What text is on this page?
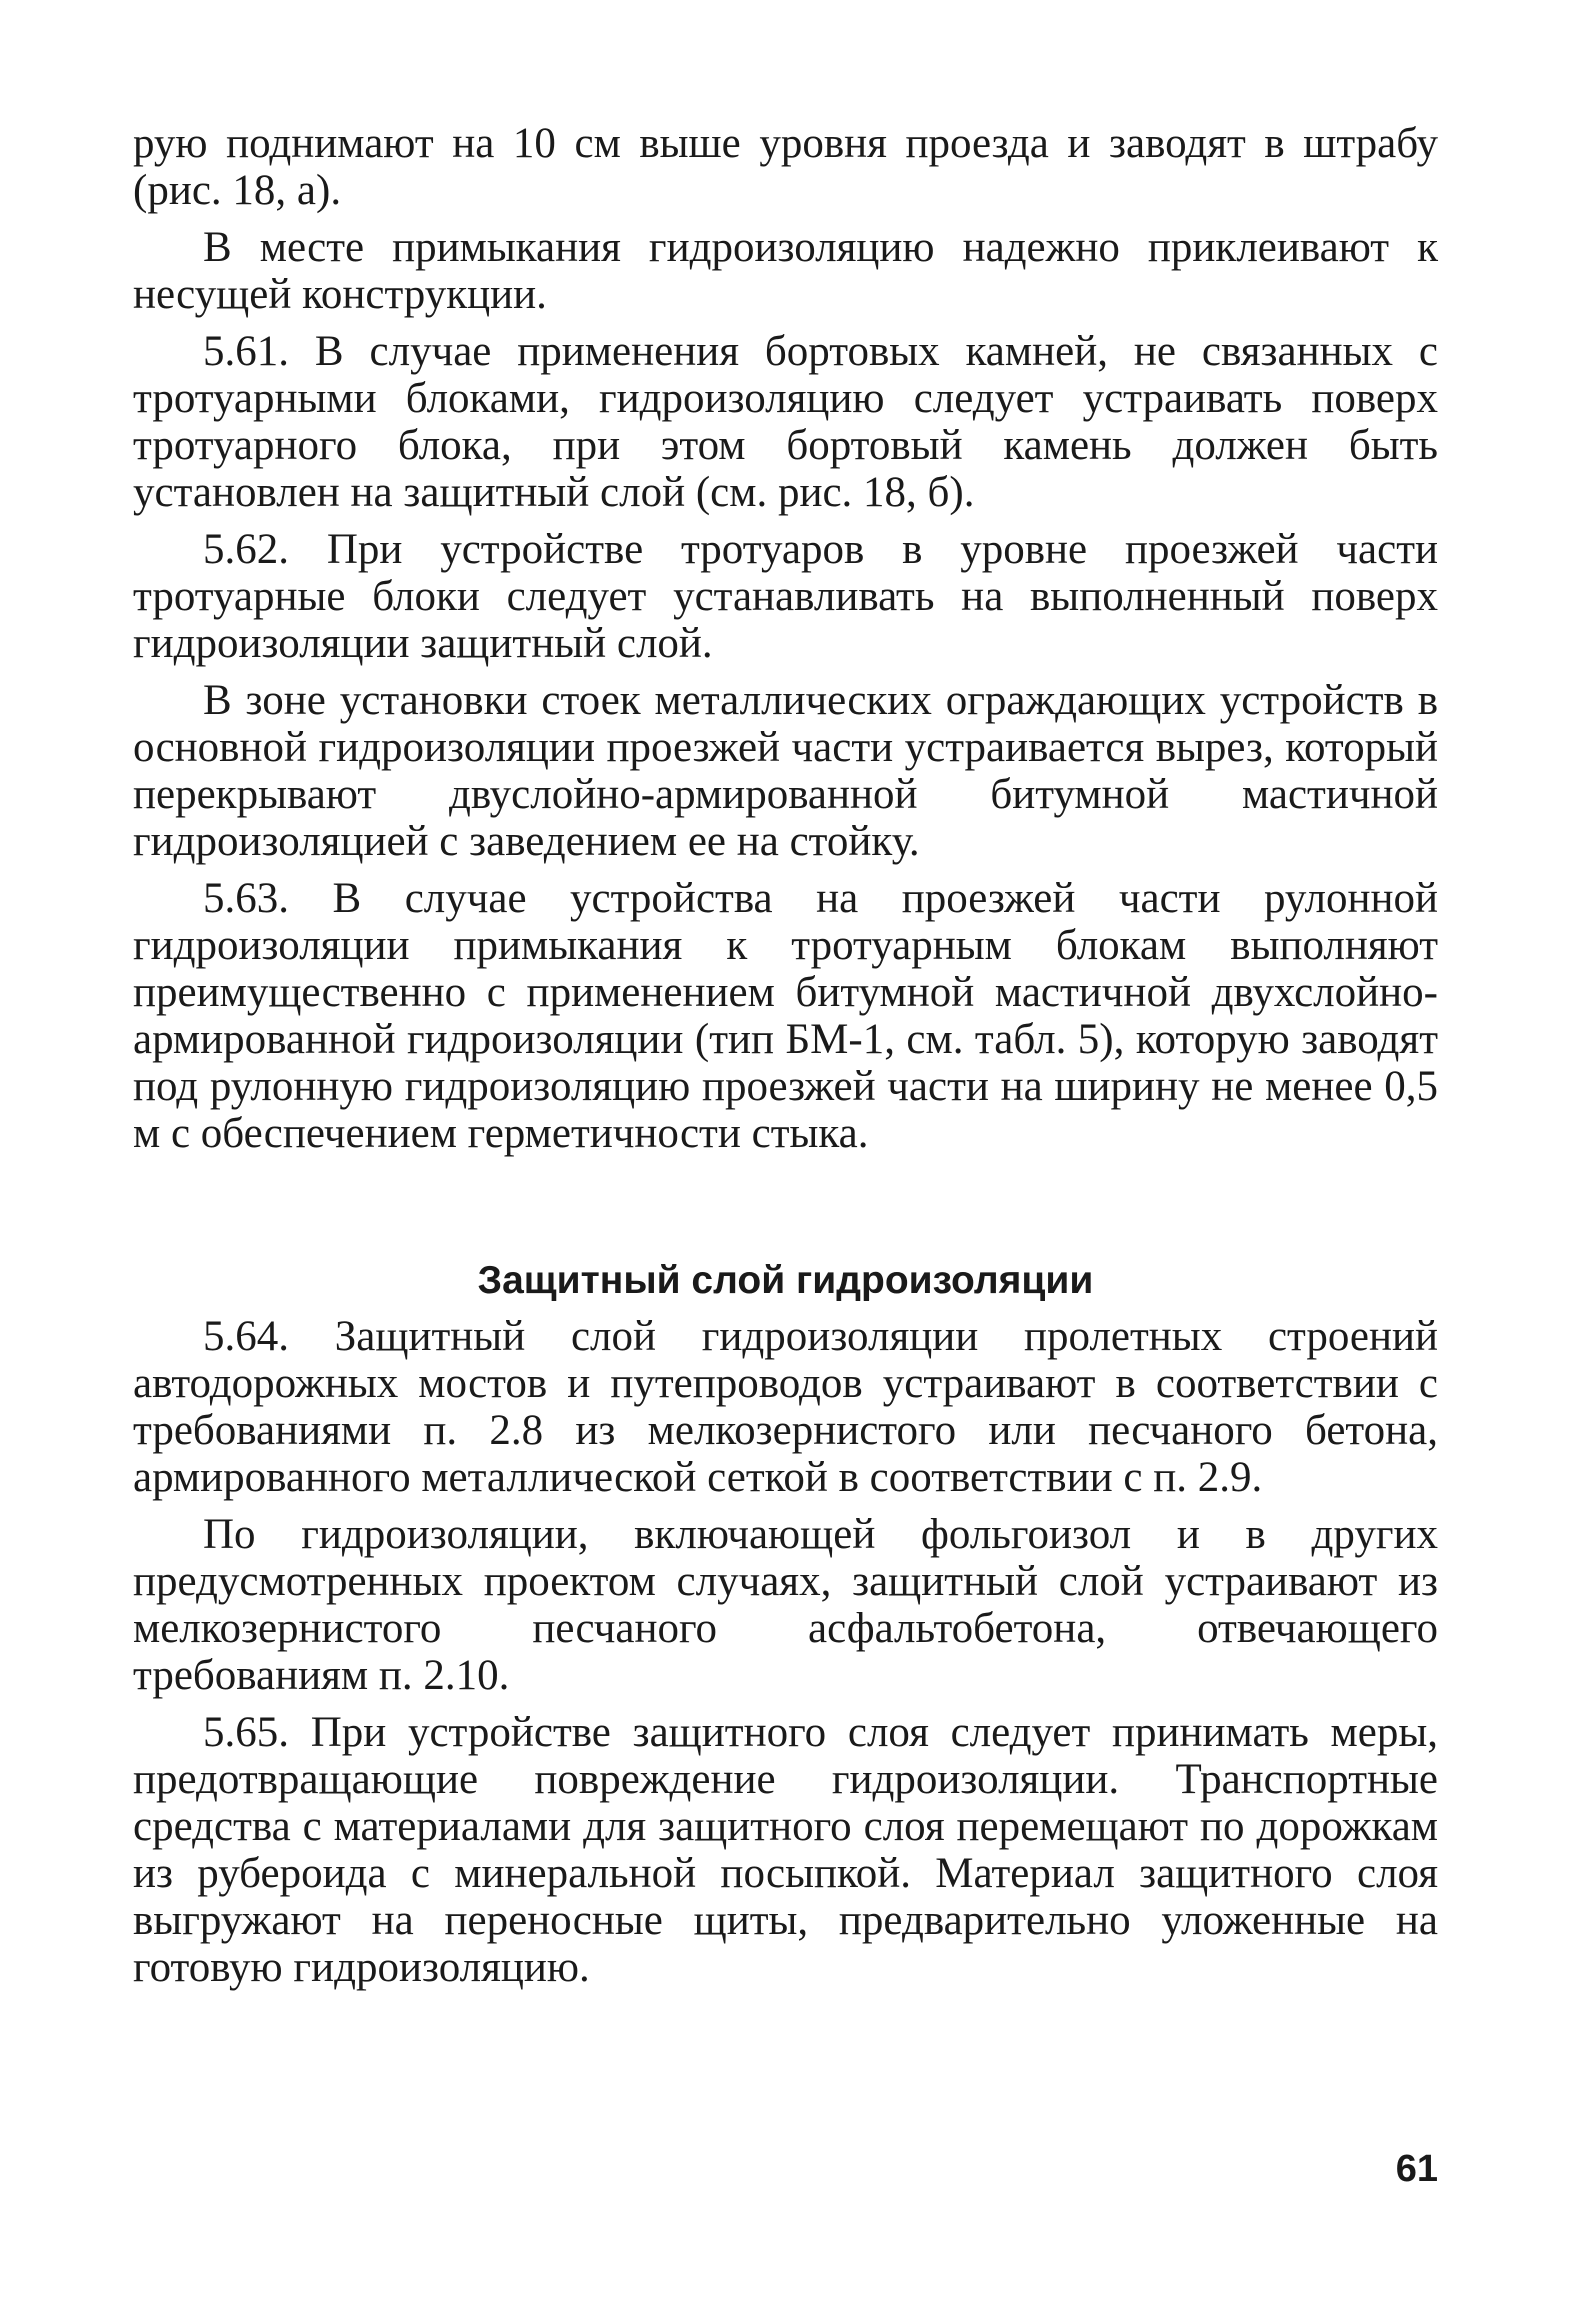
рую поднимают на 10 см выше уровня проезда и заводят в штрабу (рис. 18, а).

В месте примыкания гидроизоляцию надежно приклеивают к несущей конструкции.

5.61. В случае применения бортовых камней, не связанных с тротуарными блоками, гидроизоляцию следует устраивать поверх тротуарного блока, при этом бортовый камень должен быть установлен на защитный слой (см. рис. 18, б).

5.62. При устройстве тротуаров в уровне проезжей части тротуарные блоки следует устанавливать на выполненный поверх гидроизоляции защитный слой.

В зоне установки стоек металлических ограждающих устройств в основной гидроизоляции проезжей части устраивается вырез, который перекрывают двуслойно-армированной битумной мастичной гидроизоляцией с заведением ее на стойку.

5.63. В случае устройства на проезжей части рулонной гидроизоляции примыкания к тротуарным блокам выполняют преимущественно с применением битумной мастичной двухслойно-армированной гидроизоляции (тип БМ-1, см. табл. 5), которую заводят под рулонную гидроизоляцию проезжей части на ширину не менее 0,5 м с обеспечением герметичности стыка.

Защитный слой гидроизоляции

5.64. Защитный слой гидроизоляции пролетных строений автодорожных мостов и путепроводов устраивают в соответствии с требованиями п. 2.8 из мелкозернистого или песчаного бетона, армированного металлической сеткой в соответствии с п. 2.9.

По гидроизоляции, включающей фольгоизол и в других предусмотренных проектом случаях, защитный слой устраивают из мелкозернистого песчаного асфальтобетона, отвечающего требованиям п. 2.10.

5.65. При устройстве защитного слоя следует принимать меры, предотвращающие повреждение гидроизоляции. Транспортные средства с материалами для защитного слоя перемещают по дорожкам из рубероида с минеральной посыпкой. Материал защитного слоя выгружают на переносные щиты, предварительно уложенные на готовую гидроизоляцию.

61
